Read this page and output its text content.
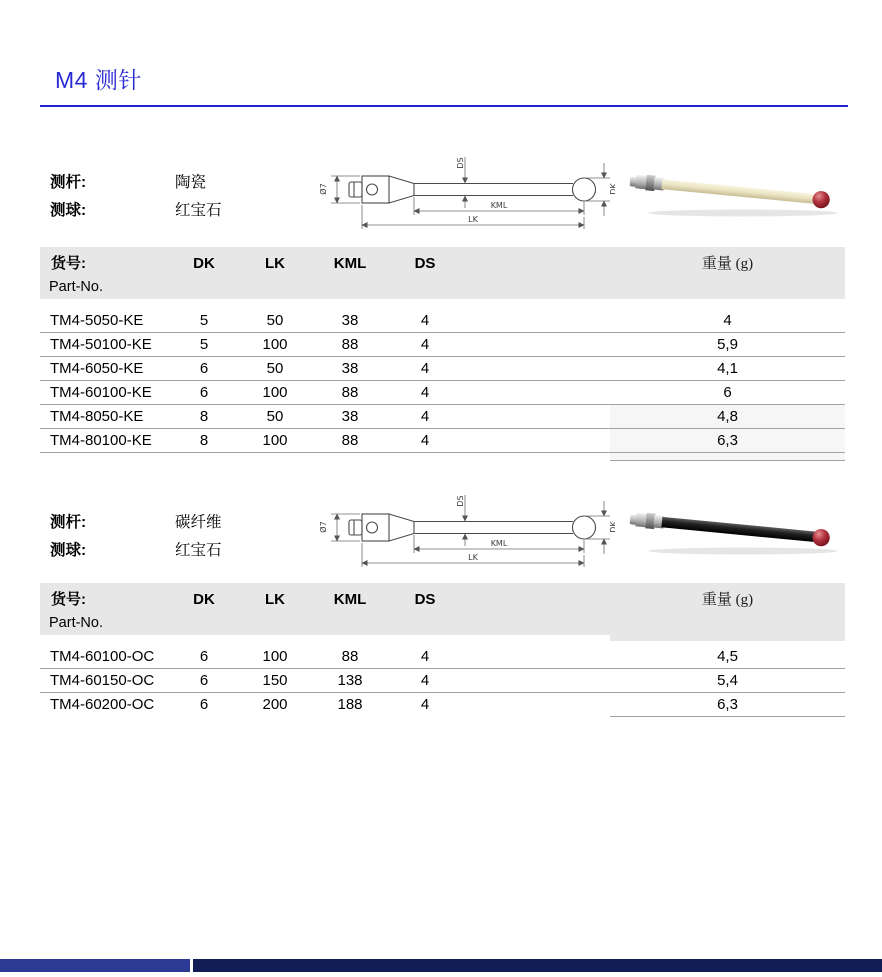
M4 测针
测杆:	陶瓷
测球:	红宝石
货号:	DK	LK	KML	DS	重量 (g)
Part-No.
TM4-5050-KE	5	50	38	4	4
TM4-50100-KE	5	100	88	4	5,9
TM4-6050-KE	6	50	38	4	4,1
TM4-60100-KE	6	100	88	4	6
TM4-8050-KE	8	50	38	4	4,8
TM4-80100-KE	8	100	88	4	6,3
测杆:	碳纤维
测球:	红宝石
货号:	DK	LK	KML	DS	重量 (g)
Part-No.
TM4-60100-OC	6	100	88	4	4,5
TM4-60150-OC	6	150	138	4	5,4
TM4-60200-OC	6	200	188	4	6,3
